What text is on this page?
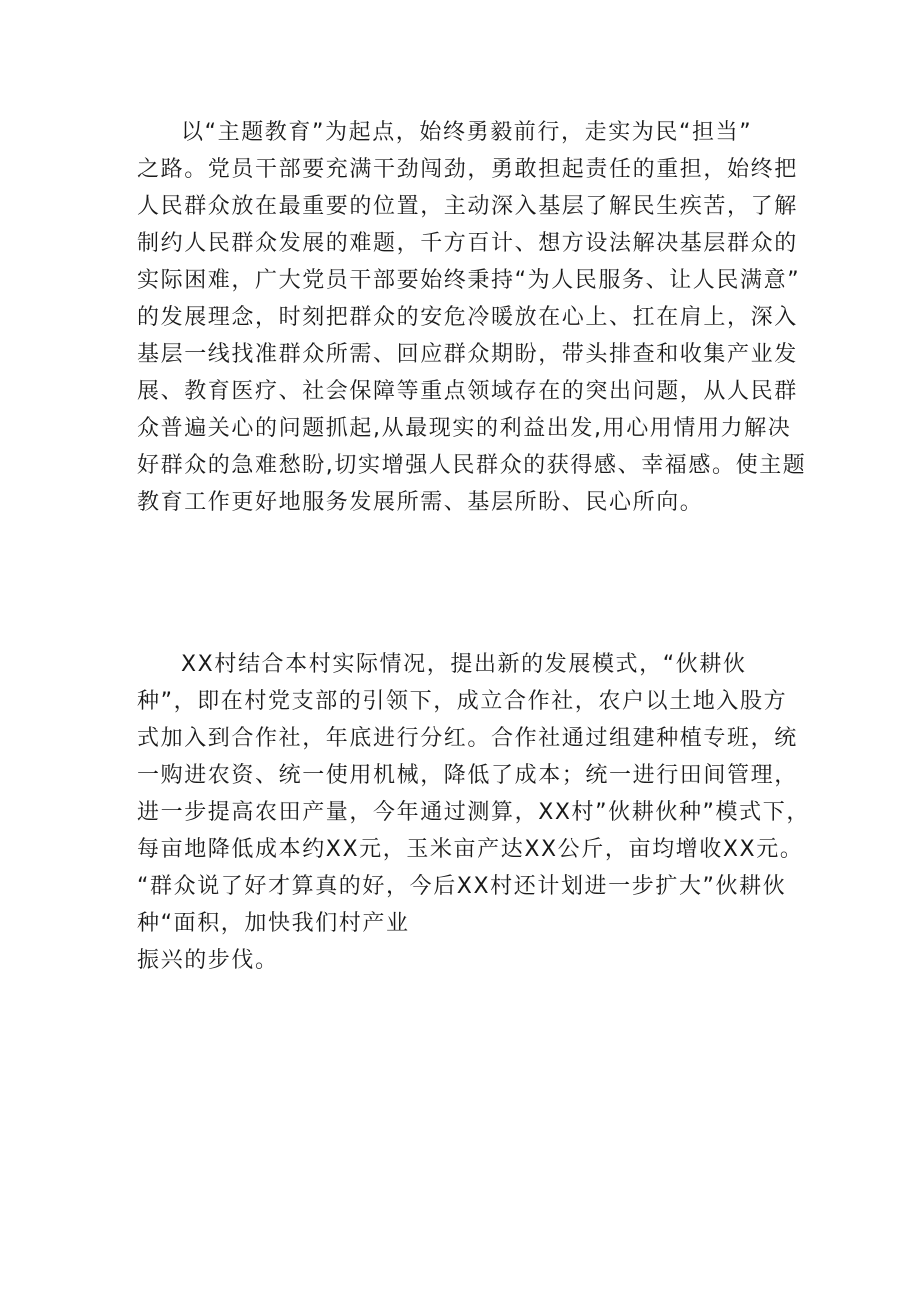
以“主题教育”为起点，始终勇毅前行，走实为民“担当”
之路。党员干部要充满干劲闯劲，勇敢担起责任的重担，始终把
人民群众放在最重要的位置，主动深入基层了解民生疾苦，了解
制约人民群众发展的难题，千方百计、想方设法解决基层群众的
实际困难，广大党员干部要始终秉持“为人民服务、让人民满意”
的发展理念，时刻把群众的安危冷暖放在心上、扛在肩上，深入
基层一线找准群众所需、回应群众期盼，带头排查和收集产业发
展、教育医疗、社会保障等重点领域存在的突出问题，从人民群
众普遍关心的问题抓起,从最现实的利益出发,用心用情用力解决
好群众的急难愁盼,切实增强人民群众的获得感、幸福感。使主题
教育工作更好地服务发展所需、基层所盼、民心所向。
XX村结合本村实际情况，提出新的发展模式，“伙耕伙
种”，即在村党支部的引领下，成立合作社，农户以土地入股方
式加入到合作社，年底进行分红。合作社通过组建种植专班，统
一购进农资、统一使用机械，降低了成本；统一进行田间管理，
进一步提高农田产量，今年通过测算，XX村”伙耕伙种”模式下，
每亩地降低成本约XX元，玉米亩产达XX公斤，亩均增收XX元。
“群众说了好才算真的好，今后XX村还计划进一步扩大”伙耕伙
种“面积，加快我们村产业
振兴的步伐。
